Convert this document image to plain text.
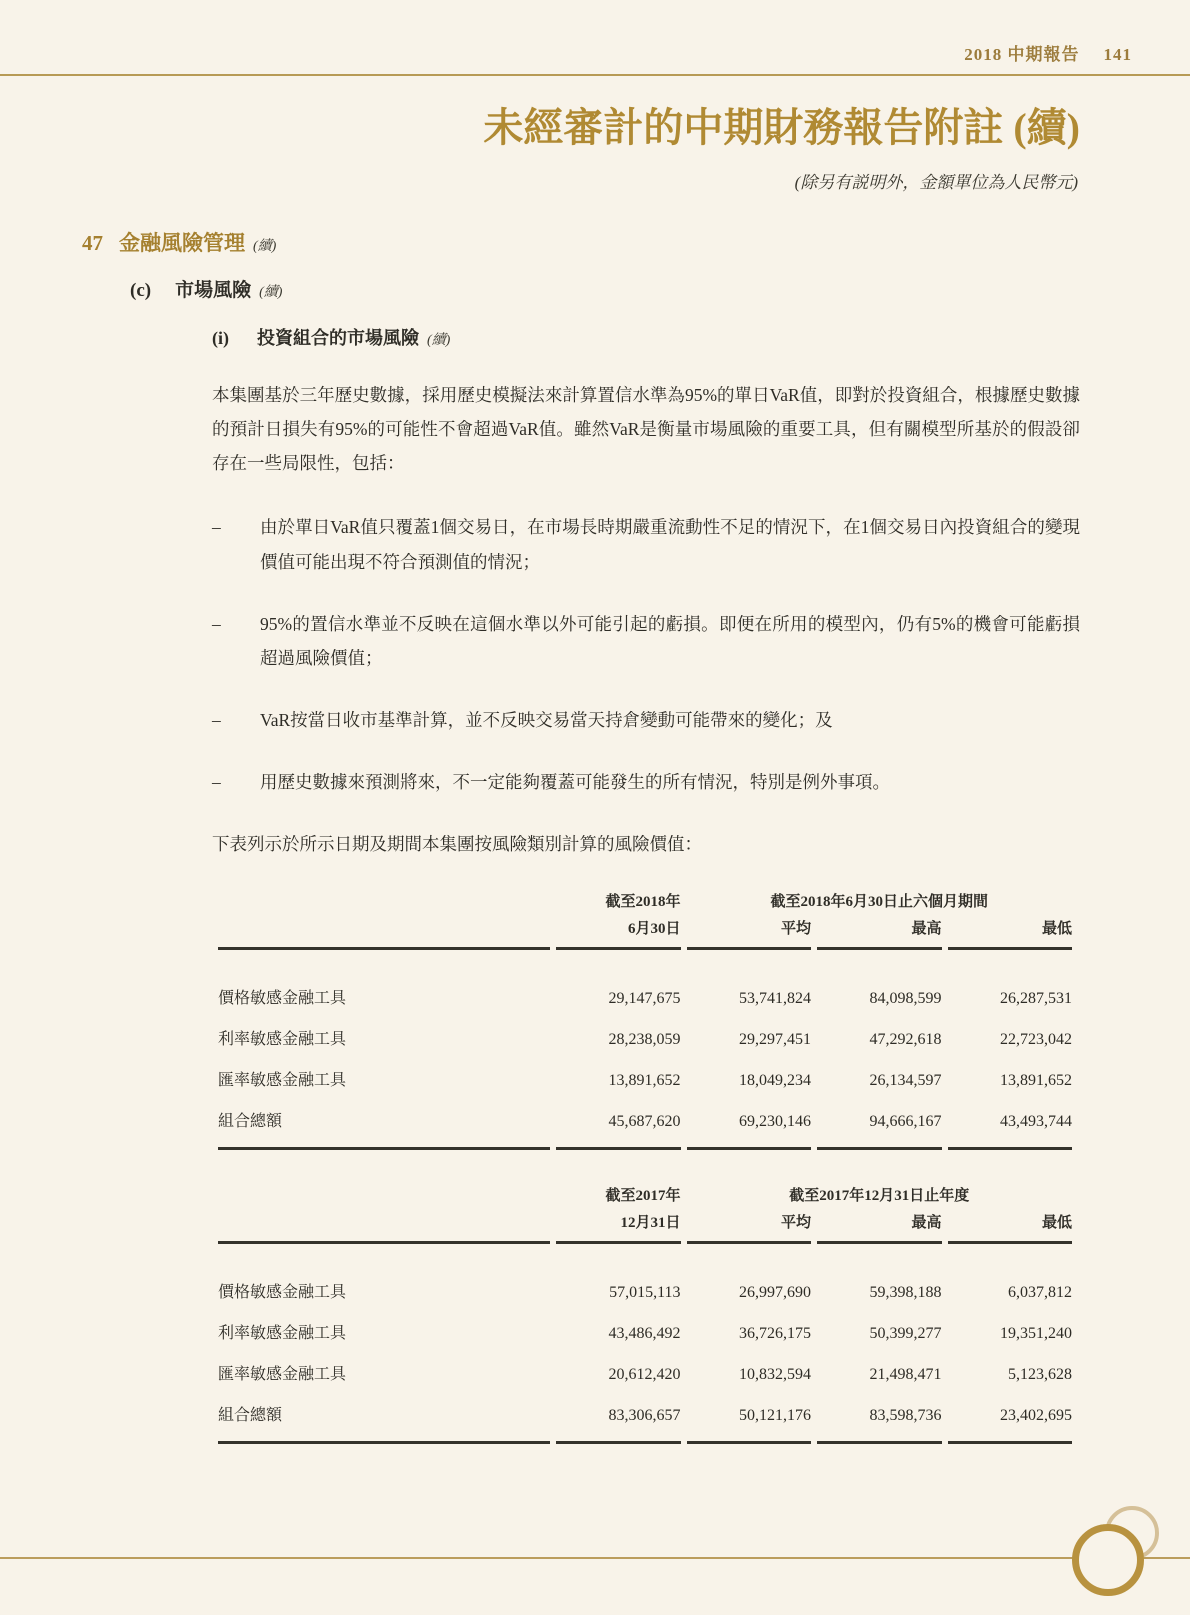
2018 中期報告 141
未經審計的中期財務報告附註 (續)
(除另有説明外，金額單位為人民幣元)
47 金融風險管理 (續)
(c) 市場風險 (續)
(i) 投資組合的市場風險 (續)
本集團基於三年歷史數據，採用歷史模擬法來計算置信水準為95%的單日VaR值，即對於投資組合，根據歷史數據的預計日損失有95%的可能性不會超過VaR值。雖然VaR是衡量市場風險的重要工具，但有關模型所基於的假設卻存在一些局限性，包括：
–	由於單日VaR值只覆蓋1個交易日，在市場長時期嚴重流動性不足的情況下，在1個交易日內投資組合的變現價值可能出現不符合預測值的情況；
–	95%的置信水準並不反映在這個水準以外可能引起的虧損。即便在所用的模型內，仍有5%的機會可能虧損超過風險價值；
–	VaR按當日收市基準計算，並不反映交易當天持倉變動可能帶來的變化；及
–	用歷史數據來預測將來，不一定能夠覆蓋可能發生的所有情況，特別是例外事項。
下表列示於所示日期及期間本集團按風險類別計算的風險價值：
	截至2018年	截至2018年6月30日止六個月期間		
	6月30日	平均	最高	最低

價格敏感金融工具	29,147,675	53,741,824	84,098,599	26,287,531
利率敏感金融工具	28,238,059	29,297,451	47,292,618	22,723,042
匯率敏感金融工具	13,891,652	18,049,234	26,134,597	13,891,652
組合總額	45,687,620	69,230,146	94,666,167	43,493,744
	截至2017年	截至2017年12月31日止年度		
	12月31日	平均	最高	最低

價格敏感金融工具	57,015,113	26,997,690	59,398,188	6,037,812
利率敏感金融工具	43,486,492	36,726,175	50,399,277	19,351,240
匯率敏感金融工具	20,612,420	10,832,594	21,498,471	5,123,628
組合總額	83,306,657	50,121,176	83,598,736	23,402,695
